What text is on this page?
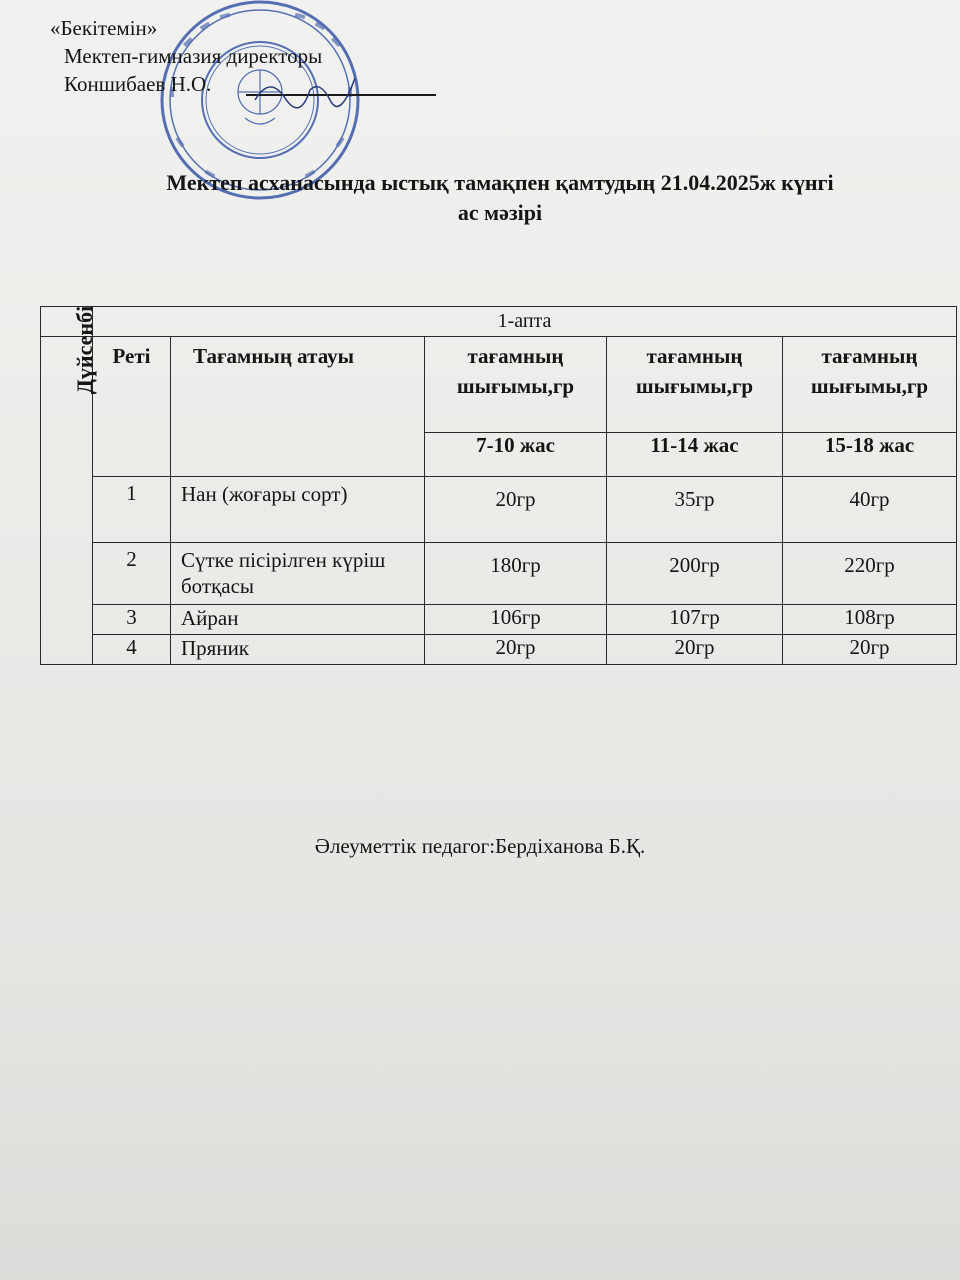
«Бекітемін»
Мектеп-гимназия директоры
Коншибаев Н.О.
Мектеп асханасында ыстық тамақпен қамтудың 21.04.2025ж күнгі
ас мәзірі
	1-апта				
Дүйсенбі	Реті	Тағамның атауы	тағамның шығымы,гр	тағамның шығымы,гр	тағамның шығымы,гр
			7-10 жас	11-14 жас	15-18 жас
	1	Нан (жоғары сорт)	20гр	35гр	40гр
	2	Сүтке пісірілген күріш ботқасы	180гр	200гр	220гр
	3	Айран	106гр	107гр	108гр
	4	Пряник	20гр	20гр	20гр
Әлеуметтік педагог:Бердіханова Б.Қ.
